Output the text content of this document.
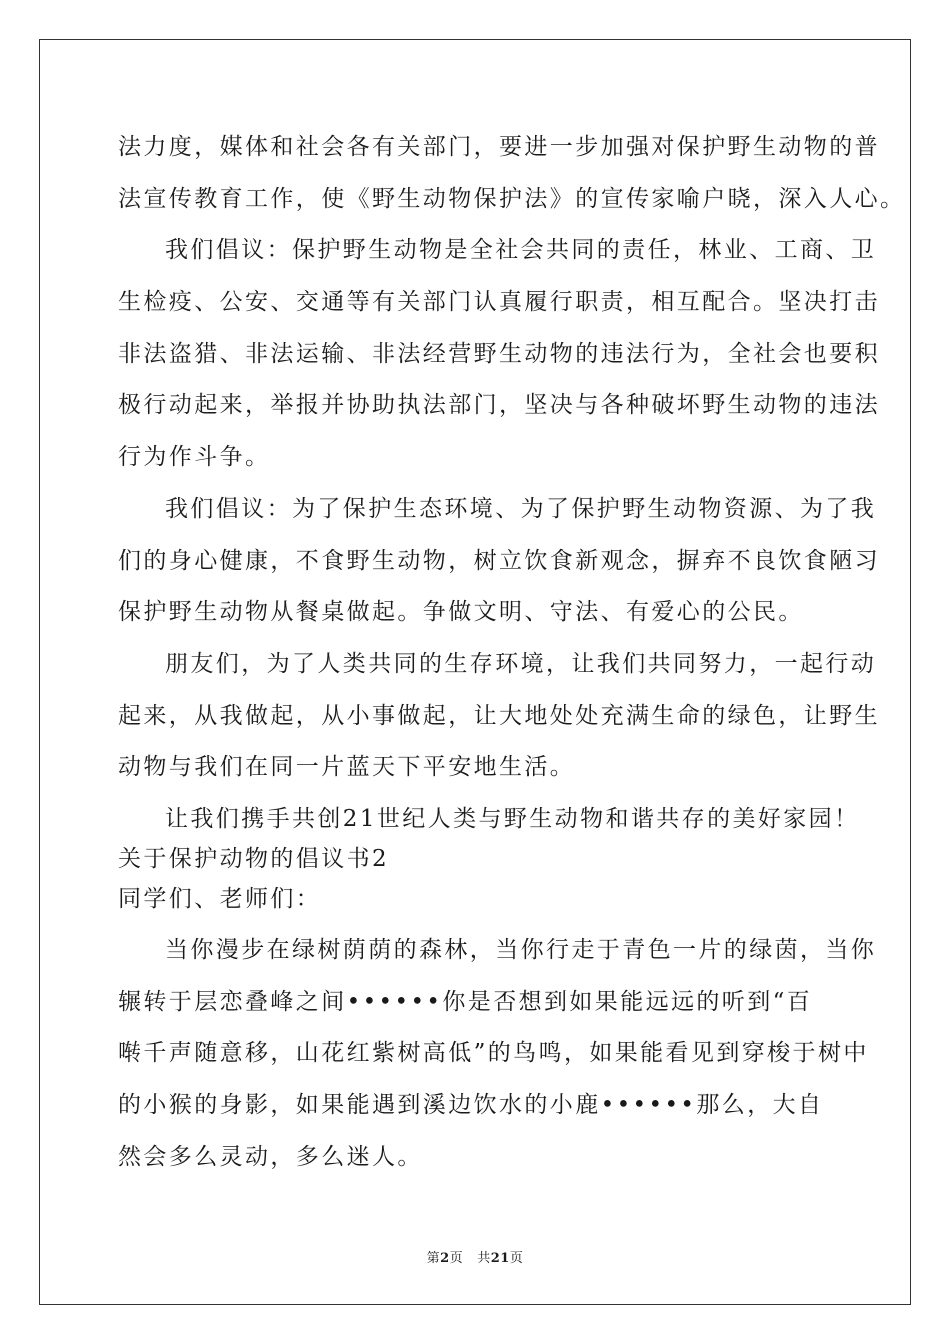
法力度，媒体和社会各有关部门，要进一步加强对保护野生动物的普
法宣传教育工作，使《野生动物保护法》的宣传家喻户晓，深入人心。
我们倡议：保护野生动物是全社会共同的责任，林业、工商、卫
生检疫、公安、交通等有关部门认真履行职责，相互配合。坚决打击
非法盗猎、非法运输、非法经营野生动物的违法行为，全社会也要积
极行动起来，举报并协助执法部门，坚决与各种破坏野生动物的违法
行为作斗争。
我们倡议：为了保护生态环境、为了保护野生动物资源、为了我
们的身心健康，不食野生动物，树立饮食新观念，摒弃不良饮食陋习
保护野生动物从餐桌做起。争做文明、守法、有爱心的公民。
朋友们，为了人类共同的生存环境，让我们共同努力，一起行动
起来，从我做起，从小事做起，让大地处处充满生命的绿色，让野生
动物与我们在同一片蓝天下平安地生活。
让我们携手共创21世纪人类与野生动物和谐共存的美好家园！
关于保护动物的倡议书2
同学们、老师们：
当你漫步在绿树荫荫的森林，当你行走于青色一片的绿茵，当你
辗转于层恋叠峰之间••••••你是否想到如果能远远的听到“百
啭千声随意移，山花红紫树高低”的鸟鸣，如果能看见到穿梭于树中
的小猴的身影，如果能遇到溪边饮水的小鹿••••••那么，大自
然会多么灵动，多么迷人。
第2页 共21页
